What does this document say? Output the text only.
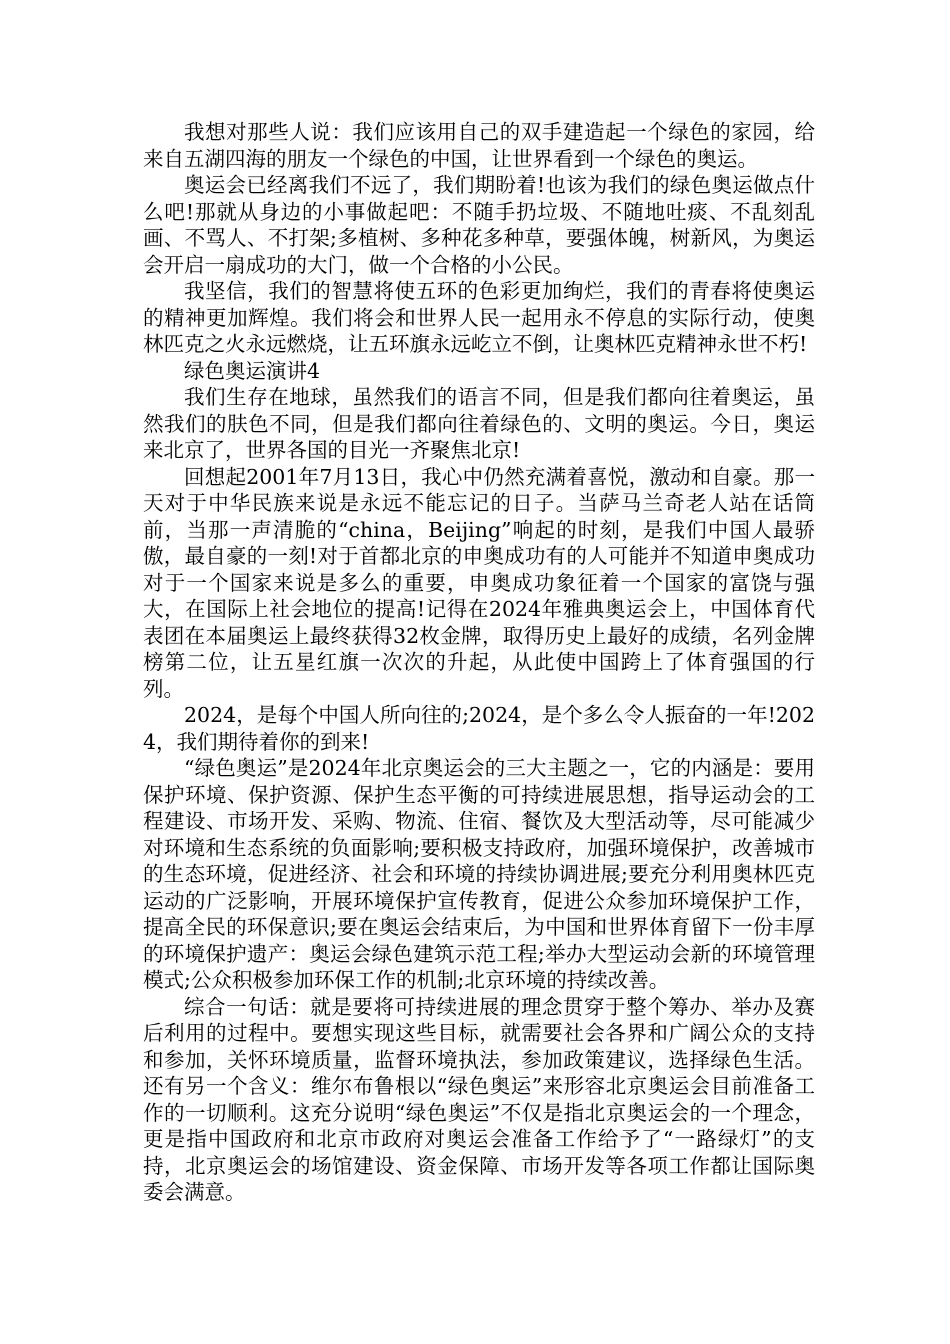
我想对那些人说：我们应该用自己的双手建造起一个绿色的家园，给来自五湖四海的朋友一个绿色的中国，让世界看到一个绿色的奥运。

奥运会已经离我们不远了，我们期盼着!也该为我们的绿色奥运做点什么吧!那就从身边的小事做起吧：不随手扔垃圾、不随地吐痰、不乱刻乱画、不骂人、不打架;多植树、多种花多种草，要强体魄，树新风，为奥运会开启一扇成功的大门，做一个合格的小公民。

我坚信，我们的智慧将使五环的色彩更加绚烂，我们的青春将使奥运的精神更加辉煌。我们将会和世界人民一起用永不停息的实际行动，使奥林匹克之火永远燃烧，让五环旗永远屹立不倒，让奥林匹克精神永世不朽!

绿色奥运演讲4

我们生存在地球，虽然我们的语言不同，但是我们都向往着奥运，虽然我们的肤色不同，但是我们都向往着绿色的、文明的奥运。今日，奥运来北京了，世界各国的目光一齐聚焦北京!

回想起2001年7月13日，我心中仍然充满着喜悦，激动和自豪。那一天对于中华民族来说是永远不能忘记的日子。当萨马兰奇老人站在话筒前，当那一声清脆的“china，Beijing”响起的时刻，是我们中国人最骄傲，最自豪的一刻!对于首都北京的申奥成功有的人可能并不知道申奥成功对于一个国家来说是多么的重要，申奥成功象征着一个国家的富饶与强大，在国际上社会地位的提高!记得在2024年雅典奥运会上，中国体育代表团在本届奥运上最终获得32枚金牌，取得历史上最好的成绩，名列金牌榜第二位，让五星红旗一次次的升起，从此使中国跨上了体育强国的行列。

2024，是每个中国人所向往的;2024，是个多么令人振奋的一年!2024，我们期待着你的到来!

“绿色奥运”是2024年北京奥运会的三大主题之一，它的内涵是：要用保护环境、保护资源、保护生态平衡的可持续进展思想，指导运动会的工程建设、市场开发、采购、物流、住宿、餐饮及大型活动等，尽可能减少对环境和生态系统的负面影响;要积极支持政府，加强环境保护，改善城市的生态环境，促进经济、社会和环境的持续协调进展;要充分利用奥林匹克运动的广泛影响，开展环境保护宣传教育，促进公众参加环境保护工作，提高全民的环保意识;要在奥运会结束后，为中国和世界体育留下一份丰厚的环境保护遗产：奥运会绿色建筑示范工程;举办大型运动会新的环境管理模式;公众积极参加环保工作的机制;北京环境的持续改善。

综合一句话：就是要将可持续进展的理念贯穿于整个筹办、举办及赛后利用的过程中。要想实现这些目标，就需要社会各界和广阔公众的支持和参加，关怀环境质量，监督环境执法，参加政策建议，选择绿色生活。还有另一个含义：维尔布鲁根以“绿色奥运”来形容北京奥运会目前准备工作的一切顺利。这充分说明“绿色奥运”不仅是指北京奥运会的一个理念，更是指中国政府和北京市政府对奥运会准备工作给予了“一路绿灯”的支持，北京奥运会的场馆建设、资金保障、市场开发等各项工作都让国际奥委会满意。
